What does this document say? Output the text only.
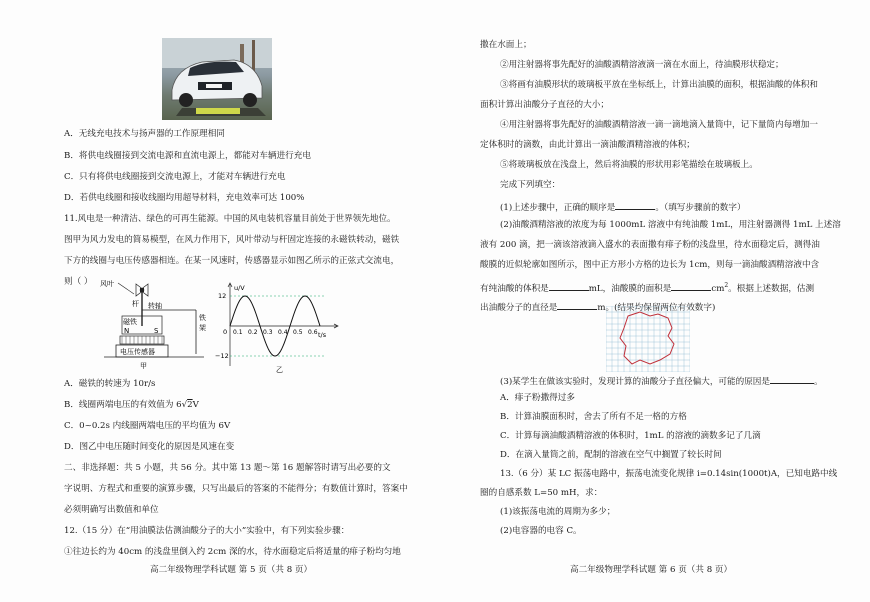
A．无线充电技术与扬声器的工作原理相同
B．将供电线圈接到交流电源和直流电源上，都能对车辆进行充电
C．只有将供电线圈接到交流电源上，才能对车辆进行充电
D．若供电线圈和接收线圈均用超导材料，充电效率可达 100%
11.风电是一种清洁、绿色的可再生能源。中国的风电装机容量目前处于世界领先地位。
图甲为风力发电的简易模型，在风力作用下，风叶带动与杆固定连接的永磁铁转动，磁铁
下方的线圈与电压传感器相连。在某一风速时，传感器显示如图乙所示的正弦式交流电，
则（ ） 风叶
杆 转轴
铁
架
磁铁
N	S
电压传感器
甲
u/V
t/s
12
−12
0 0.1 0.2 0.3 0.4 0.5 0.6
乙
A．磁铁的转速为 10r/s
B．线圈两端电压的有效值为 6√2V
C．0~0.2s 内线圈两端电压的平均值为 6V
D．图乙中电压随时间变化的原因是风速在变
二、非选择题：共 5 小题，共 56 分。其中第 13 题～第 16 题解答时请写出必要的文
字说明、方程式和重要的演算步骤，只写出最后的答案的不能得分；有数值计算时，答案中
必须明确写出数值和单位
12.（15 分）在“用油膜法估测油酸分子的大小”实验中，有下列实验步骤：
①往边长约为 40cm 的浅盘里倒入约 2cm 深的水，待水面稳定后将适量的痱子粉均匀地
高二年级物理学科试题 第 5 页（共 8 页）
撒在水面上；
②用注射器将事先配好的油酸酒精溶液滴一滴在水面上，待油膜形状稳定；
③将画有油膜形状的玻璃板平放在坐标纸上，计算出油膜的面积，根据油酸的体积和
面积计算出油酸分子直径的大小；
④用注射器将事先配好的油酸酒精溶液一滴一滴地滴入量筒中，记下量筒内每增加一
定体积时的滴数，由此计算出一滴油酸酒精溶液的体积；
⑤将玻璃板放在浅盘上，然后将油膜的形状用彩笔描绘在玻璃板上。
完成下列填空：
(1)上述步骤中，正确的顺序是	。（填写步骤前的数字）
(2)油酸酒精溶液的浓度为每 1000mL 溶液中有纯油酸 1mL，用注射器测得 1mL 上述溶
液有 200 滴，把一滴该溶液滴入盛水的表面撒有痱子粉的浅盘里，待水面稳定后，测得油
酸膜的近似轮廓如图所示，图中正方形小方格的边长为 1cm，则每一滴油酸酒精溶液中含
有纯油酸的体积是	mL，油酸膜的面积是	$cm^2$。根据上述数据，估测
出油酸分子的直径是	m。(结果均保留两位有效数字)
(3)某学生在做该实验时，发现计算的油酸分子直径偏大，可能的原因是	。
A．痱子粉撒得过多
B．计算油膜面积时，舍去了所有不足一格的方格
C．计算每滴油酸酒精溶液的体积时，1mL 的溶液的滴数多记了几滴
D．在滴入量筒之前，配制的溶液在空气中搁置了较长时间
13.（6 分）某 LC 振荡电路中，振荡电流变化规律 i=0.14sin(1000t)A，已知电路中线
圈的自感系数 L=50 mH，求：
(1)该振荡电流的周期为多少；
(2)电容器的电容 C。
高二年级物理学科试题 第 6 页（共 8 页）
